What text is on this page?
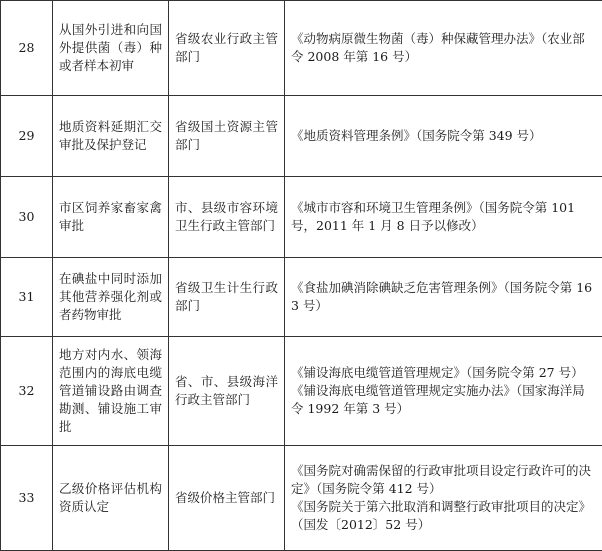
28	从国外引进和向国外提供菌（毒）种或者样本初审	省级农业行政主管部门	《动物病原微生物菌（毒）种保藏管理办法》（农业部令 2008 年第 16 号）

29	地质资料延期汇交审批及保护登记	省级国土资源主管部门	《地质资料管理条例》（国务院令第 349 号）

30	市区饲养家畜家禽审批	市、县级市容环境卫生行政主管部门	《城市市容和环境卫生管理条例》（国务院令第 101 号，2011 年 1 月 8 日予以修改）

31	在碘盐中同时添加其他营养强化剂或者药物审批	省级卫生计生行政部门	《食盐加碘消除碘缺乏危害管理条例》（国务院令第 163 号）

32	地方对内水、领海范围内的海底电缆管道铺设路由调查勘测、铺设施工审批	省、市、县级海洋行政主管部门	《铺设海底电缆管道管理规定》（国务院令第 27 号）
《铺设海底电缆管道管理规定实施办法》（国家海洋局令 1992 年第 3 号）

33	乙级价格评估机构资质认定	省级价格主管部门	《国务院对确需保留的行政审批项目设定行政许可的决定》（国务院令第 412 号）
《国务院关于第六批取消和调整行政审批项目的决定》（国发〔2012〕52 号）
